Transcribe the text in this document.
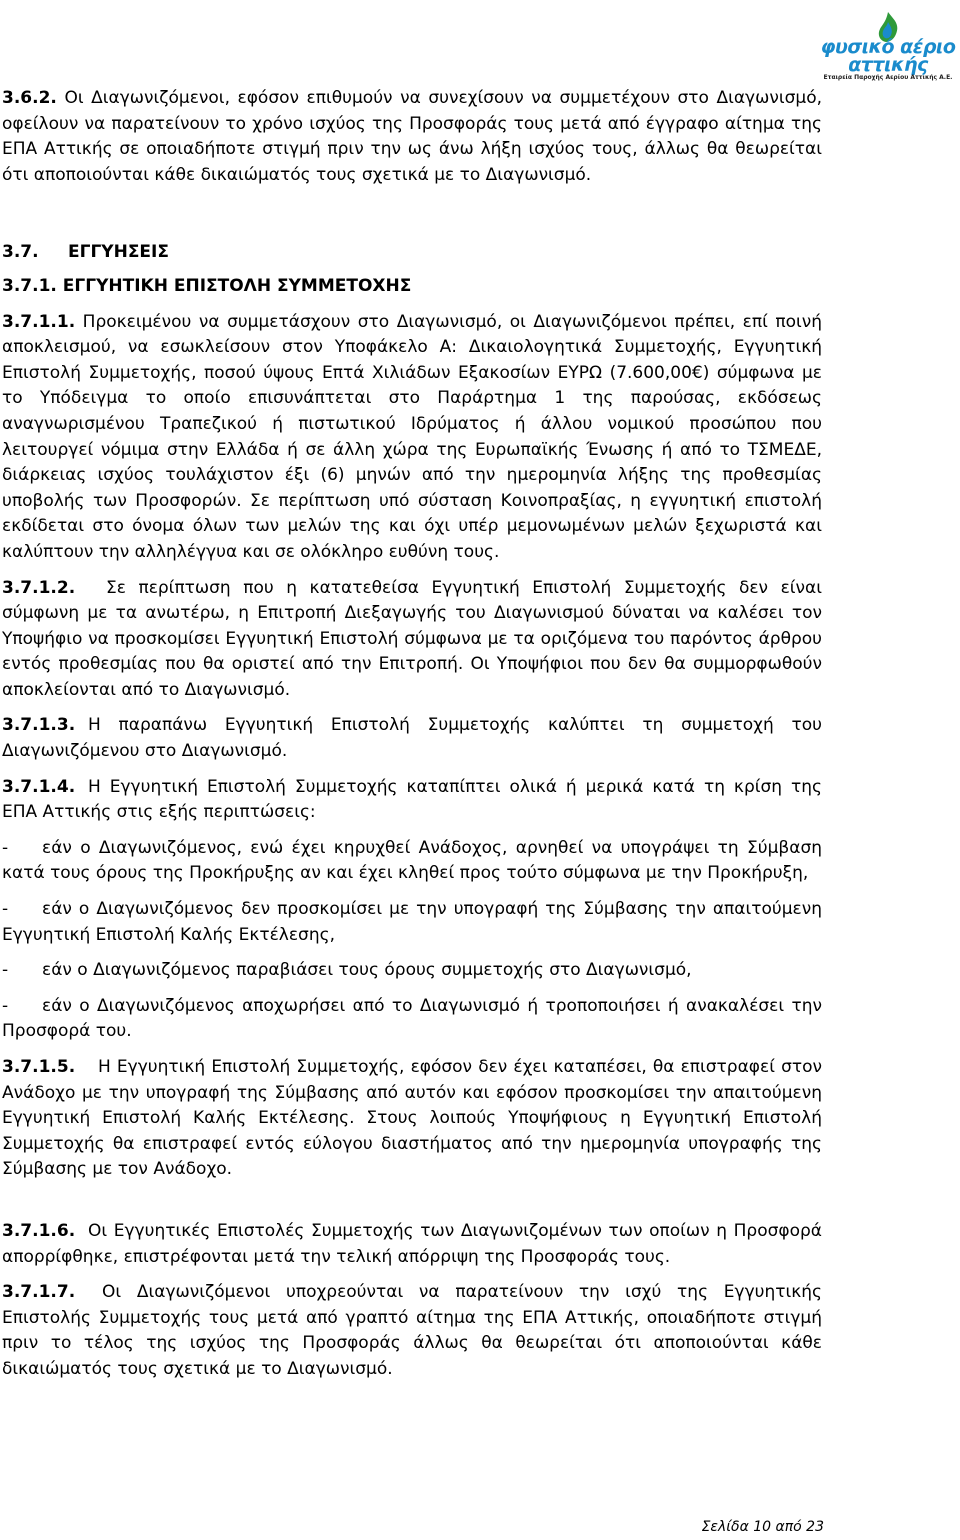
φυσικό αέριο
αττικής
Εταιρεία Παροχής Αερίου Αττικής Α.Ε.

3.6.2. Οι Διαγωνιζόμενοι, εφόσον επιθυμούν να συνεχίσουν να συμμετέχουν στο Διαγωνισμό, οφείλουν να παρατείνουν το χρόνο ισχύος της Προσφοράς τους μετά από έγγραφο αίτημα της ΕΠΑ Αττικής σε οποιαδήποτε στιγμή πριν την ως άνω λήξη ισχύος τους, άλλως θα θεωρείται ότι αποποιούνται κάθε δικαιώματός τους σχετικά με το Διαγωνισμό.

3.7. ΕΓΓΥΗΣΕΙΣ

3.7.1. ΕΓΓΥΗΤΙΚΗ ΕΠΙΣΤΟΛΗ ΣΥΜΜΕΤΟΧΗΣ

3.7.1.1. Προκειμένου να συμμετάσχουν στο Διαγωνισμό, οι Διαγωνιζόμενοι πρέπει, επί ποινή αποκλεισμού, να εσωκλείσουν στον Υποφάκελο Α: Δικαιολογητικά Συμμετοχής, Εγγυητική Επιστολή Συμμετοχής, ποσού ύψους Επτά Χιλιάδων Εξακοσίων ΕΥΡΩ (7.600,00€) σύμφωνα με το Υπόδειγμα το οποίο επισυνάπτεται στο Παράρτημα 1 της παρούσας, εκδόσεως αναγνωρισμένου Τραπεζικού ή πιστωτικού Ιδρύματος ή άλλου νομικού προσώπου που λειτουργεί νόμιμα στην Ελλάδα ή σε άλλη χώρα της Ευρωπαϊκής Ένωσης ή από το ΤΣΜΕΔΕ, διάρκειας ισχύος τουλάχιστον έξι (6) μηνών από την ημερομηνία λήξης της προθεσμίας υποβολής των Προσφορών. Σε περίπτωση υπό σύσταση Κοινοπραξίας, η εγγυητική επιστολή εκδίδεται στο όνομα όλων των μελών της και όχι υπέρ μεμονωμένων μελών ξεχωριστά και καλύπτουν την αλληλέγγυα και σε ολόκληρο ευθύνη τους.

3.7.1.2. Σε περίπτωση που η κατατεθείσα Εγγυητική Επιστολή Συμμετοχής δεν είναι σύμφωνη με τα ανωτέρω, η Επιτροπή Διεξαγωγής του Διαγωνισμού δύναται να καλέσει τον Υποψήφιο να προσκομίσει Εγγυητική Επιστολή σύμφωνα με τα οριζόμενα του παρόντος άρθρου εντός προθεσμίας που θα οριστεί από την Επιτροπή. Οι Υποψήφιοι που δεν θα συμμορφωθούν αποκλείονται από το Διαγωνισμό.

3.7.1.3. Η παραπάνω Εγγυητική Επιστολή Συμμετοχής καλύπτει τη συμμετοχή του Διαγωνιζόμενου στο Διαγωνισμό.

3.7.1.4. Η Εγγυητική Επιστολή Συμμετοχής καταπίπτει ολικά ή μερικά κατά τη κρίση της ΕΠΑ Αττικής στις εξής περιπτώσεις:

- εάν ο Διαγωνιζόμενος, ενώ έχει κηρυχθεί Ανάδοχος, αρνηθεί να υπογράψει τη Σύμβαση κατά τους όρους της Προκήρυξης αν και έχει κληθεί προς τούτο σύμφωνα με την Προκήρυξη,

- εάν ο Διαγωνιζόμενος δεν προσκομίσει με την υπογραφή της Σύμβασης την απαιτούμενη Εγγυητική Επιστολή Καλής Εκτέλεσης,

- εάν ο Διαγωνιζόμενος παραβιάσει τους όρους συμμετοχής στο Διαγωνισμό,

- εάν ο Διαγωνιζόμενος αποχωρήσει από το Διαγωνισμό ή τροποποιήσει ή ανακαλέσει την Προσφορά του.

3.7.1.5. Η Εγγυητική Επιστολή Συμμετοχής, εφόσον δεν έχει καταπέσει, θα επιστραφεί στον Ανάδοχο με την υπογραφή της Σύμβασης από αυτόν και εφόσον προσκομίσει την απαιτούμενη Εγγυητική Επιστολή Καλής Εκτέλεσης. Στους λοιπούς Υποψήφιους η Εγγυητική Επιστολή Συμμετοχής θα επιστραφεί εντός εύλογου διαστήματος από την ημερομηνία υπογραφής της Σύμβασης με τον Ανάδοχο.

3.7.1.6. Οι Εγγυητικές Επιστολές Συμμετοχής των Διαγωνιζομένων των οποίων η Προσφορά απορρίφθηκε, επιστρέφονται μετά την τελική απόρριψη της Προσφοράς τους.

3.7.1.7. Οι Διαγωνιζόμενοι υποχρεούνται να παρατείνουν την ισχύ της Εγγυητικής Επιστολής Συμμετοχής τους μετά από γραπτό αίτημα της ΕΠΑ Αττικής, οποιαδήποτε στιγμή πριν το τέλος της ισχύος της Προσφοράς άλλως θα θεωρείται ότι αποποιούνται κάθε δικαιώματός τους σχετικά με το Διαγωνισμό.

Σελίδα 10 από 23
